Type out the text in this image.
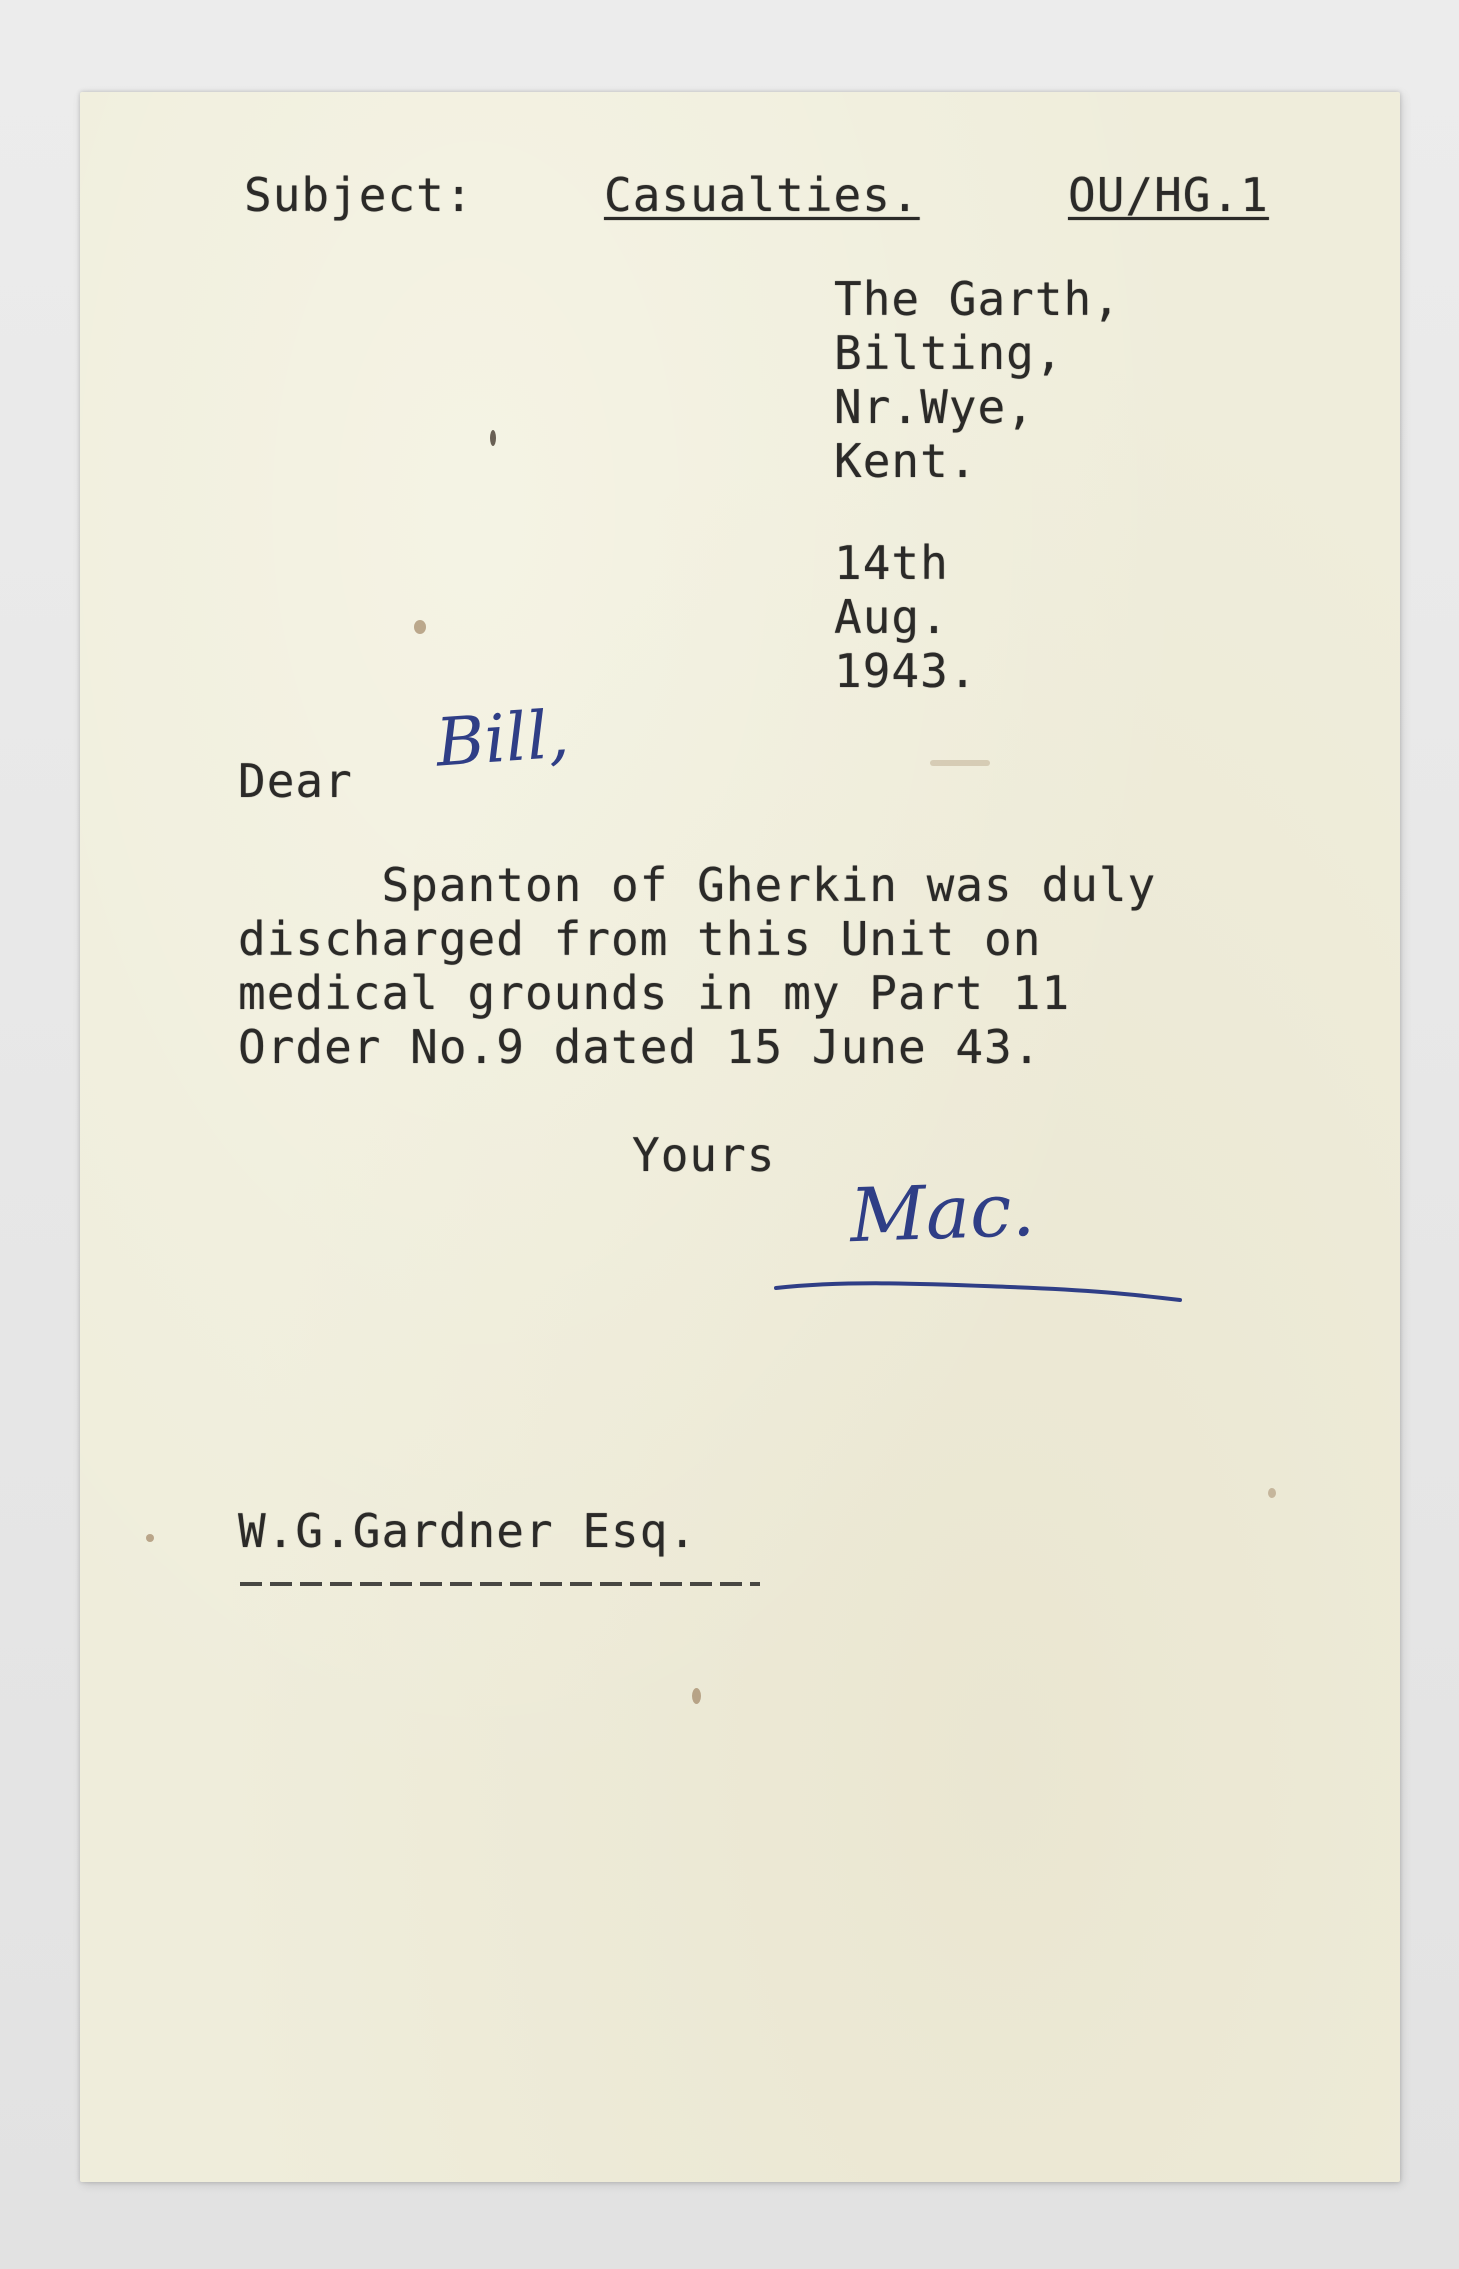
Subject:	Casualties.	OU/HG.1
The Garth,
Bilting,
Nr.Wye,
Kent.
14th
Aug.
1943.
Dear Bill,
Spanton of Gherkin was duly
discharged from this Unit on
medical grounds in my Part 11
Order No.9 dated 15 June 43.
Yours
Mac.
W.G.Gardner Esq.
